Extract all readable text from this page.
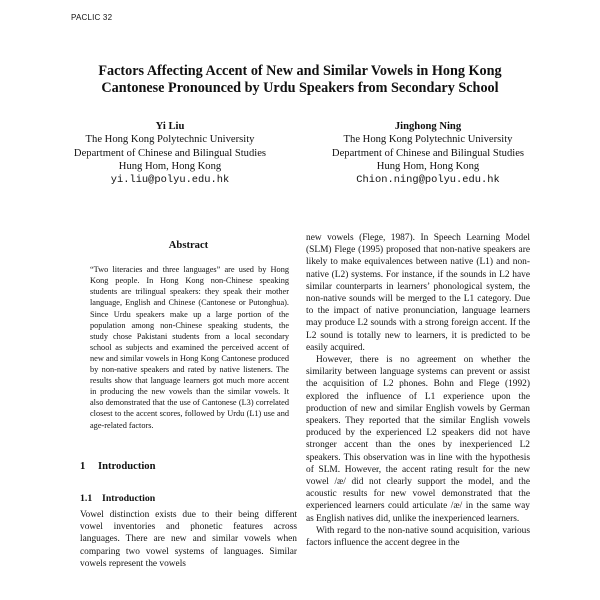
PACLIC 32
Factors Affecting Accent of New and Similar Vowels in Hong Kong
Cantonese Pronounced by Urdu Speakers from Secondary School
Yi Liu
The Hong Kong Polytechnic University
Department of Chinese and Bilingual Studies
Hung Hom, Hong Kong
yi.liu@polyu.edu.hk
Jinghong Ning
The Hong Kong Polytechnic University
Department of Chinese and Bilingual Studies
Hung Hom, Hong Kong
Chion.ning@polyu.edu.hk
Abstract
“Two literacies and three languages” are used by Hong Kong people. In Hong Kong non-Chinese speaking students are trilingual speakers: they speak their mother language, English and Chinese (Cantonese or Putonghua). Since Urdu speakers make up a large portion of the population among non-Chinese speaking students, the study chose Pakistani students from a local secondary school as subjects and examined the perceived accent of new and similar vowels in Hong Kong Cantonese produced by non-native speakers and rated by native listeners. The results show that language learners got much more accent in producing the new vowels than the similar vowels. It also demonstrated that the use of Cantonese (L3) correlated closest to the accent scores, followed by Urdu (L1) use and age-related factors.
1 Introduction
1.1 Introduction

Vowel distinction exists due to their being different vowel inventories and phonetic features across languages. There are new and similar vowels when comparing two vowel systems of languages. Similar vowels represent the vowels

new vowels (Flege, 1987). In Speech Learning Model (SLM) Flege (1995) proposed that non-native speakers are likely to make equivalences between native (L1) and non-native (L2) systems. For instance, if the sounds in L2 have similar counterparts in learners’ phonological system, the non-native sounds will be merged to the L1 category. Due to the impact of native pronunciation, language learners may produce L2 sounds with a strong foreign accent. If the L2 sound is totally new to learners, it is predicted to be easily acquired.

However, there is no agreement on whether the similarity between language systems can prevent or assist the acquisition of L2 phones. Bohn and Flege (1992) explored the influence of L1 experience upon the production of new and similar English vowels by German speakers. They reported that the similar English vowels produced by the experienced L2 speakers did not have stronger accent than the ones by inexperienced L2 speakers. This observation was in line with the hypothesis of SLM. However, the accent rating result for the new vowel /æ/ did not clearly support the model, and the acoustic results for new vowel demonstrated that the experienced learners could articulate /æ/ in the same way as English natives did, unlike the inexperienced learners.

With regard to the non-native sound acquisition, various factors influence the accent degree in the
